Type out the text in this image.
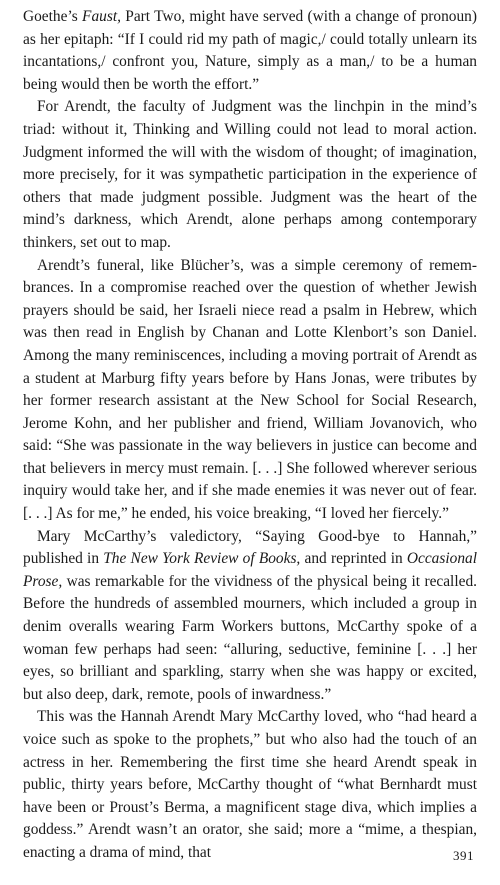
Goethe’s Faust, Part Two, might have served (with a change of pronoun) as her epitaph: “If I could rid my path of magic,/ could totally unlearn its incantations,/ confront you, Nature, simply as a man,/ to be a human being would then be worth the effort.”

For Arendt, the faculty of Judgment was the linchpin in the mind’s triad: without it, Thinking and Willing could not lead to moral action. Judgment informed the will with the wisdom of thought; of imagination, more precisely, for it was sympathetic participation in the experience of others that made judgment possible. Judgment was the heart of the mind’s darkness, which Arendt, alone perhaps among contemporary thinkers, set out to map.

Arendt’s funeral, like Blücher’s, was a simple ceremony of remembrances. In a compromise reached over the question of whether Jewish prayers should be said, her Israeli niece read a psalm in Hebrew, which was then read in English by Chanan and Lotte Klenbort’s son Daniel. Among the many reminiscences, including a moving portrait of Arendt as a student at Marburg fifty years before by Hans Jonas, were tributes by her former research assistant at the New School for Social Research, Jerome Kohn, and her publisher and friend, William Jovanovich, who said: “She was passionate in the way believers in justice can become and that believers in mercy must remain. [. . .] She followed wherever serious inquiry would take her, and if she made enemies it was never out of fear. [. . .] As for me,” he ended, his voice breaking, “I loved her fiercely.”

Mary McCarthy’s valedictory, “Saying Good-bye to Hannah,” published in The New York Review of Books, and reprinted in Occasional Prose, was remarkable for the vividness of the physical being it recalled. Before the hundreds of assembled mourners, which included a group in denim overalls wearing Farm Workers buttons, McCarthy spoke of a woman few perhaps had seen: “alluring, seductive, feminine [. . .] her eyes, so brilliant and sparkling, starry when she was happy or excited, but also deep, dark, remote, pools of inwardness.”

This was the Hannah Arendt Mary McCarthy loved, who “had heard a voice such as spoke to the prophets,” but who also had the touch of an actress in her. Remembering the first time she heard Arendt speak in public, thirty years before, McCarthy thought of “what Bernhardt must have been or Proust’s Berma, a magnificent stage diva, which implies a goddess.” Arendt wasn’t an orator, she said; more a “mime, a thespian, enacting a drama of mind, that	391
